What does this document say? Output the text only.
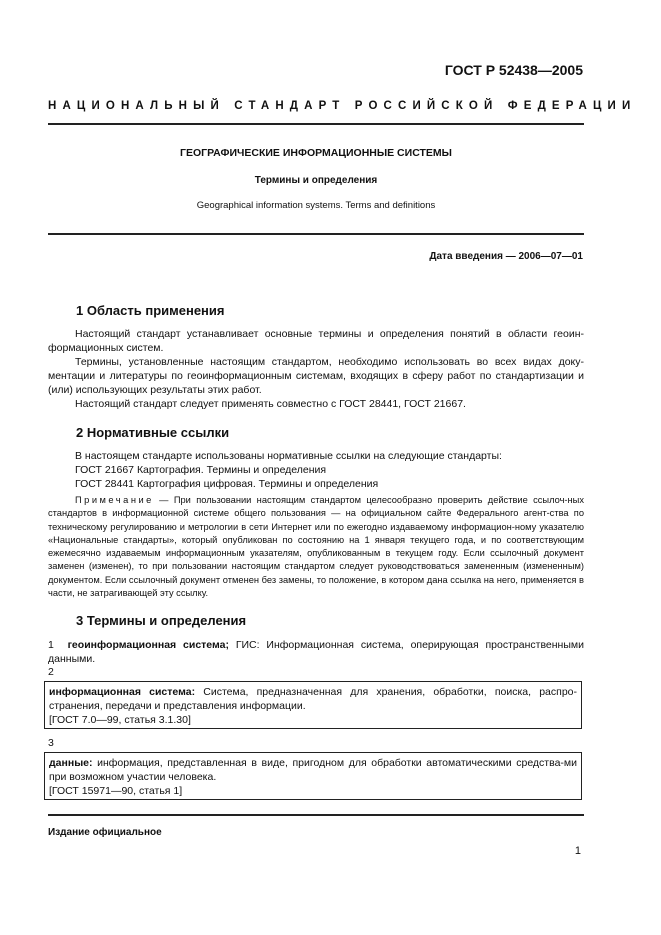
ГОСТ Р 52438—2005
НАЦИОНАЛЬНЫЙ СТАНДАРТ РОССИЙСКОЙ ФЕДЕРАЦИИ
ГЕОГРАФИЧЕСКИЕ ИНФОРМАЦИОННЫЕ СИСТЕМЫ
Термины и определения
Geographical information systems. Terms and definitions
Дата введения — 2006—07—01
1 Область применения

Настоящий стандарт устанавливает основные термины и определения понятий в области геоин-формационных систем.

Термины, установленные настоящим стандартом, необходимо использовать во всех видах доку-ментации и литературы по геоинформационным системам, входящих в сферу работ по стандартизации и (или) использующих результаты этих работ.

Настоящий стандарт следует применять совместно с ГОСТ 28441, ГОСТ 21667.

2 Нормативные ссылки

В настоящем стандарте использованы нормативные ссылки на следующие стандарты:

ГОСТ 21667 Картография. Термины и определения
ГОСТ 28441 Картография цифровая. Термины и определения

Примечание — При пользовании настоящим стандартом целесообразно проверить действие ссылоч-ных стандартов в информационной системе общего пользования — на официальном сайте Федерального агент-ства по техническому регулированию и метрологии в сети Интернет или по ежегодно издаваемому информацион-ному указателю «Национальные стандарты», который опубликован по состоянию на 1 января текущего года, и по соответствующим ежемесячно издаваемым информационным указателям, опубликованным в текущем году. Если ссылочный документ заменен (изменен), то при пользовании настоящим стандартом следует руководствоваться замененным (измененным) документом. Если ссылочный документ отменен без замены, то положение, в котором дана ссылка на него, применяется в части, не затрагивающей эту ссылку.

3 Термины и определения
1 геоинформационная система; ГИС: Информационная система, оперирующая пространственными данными.
2

информационная система: Система, предназначенная для хранения, обработки, поиска, распро-странения, передачи и представления информации.

[ГОСТ 7.0—99, статья 3.1.30]

3

данные: информация, представленная в виде, пригодном для обработки автоматическими средства-ми при возможном участии человека.

[ГОСТ 15971—90, статья 1]

Издание официальное
1
